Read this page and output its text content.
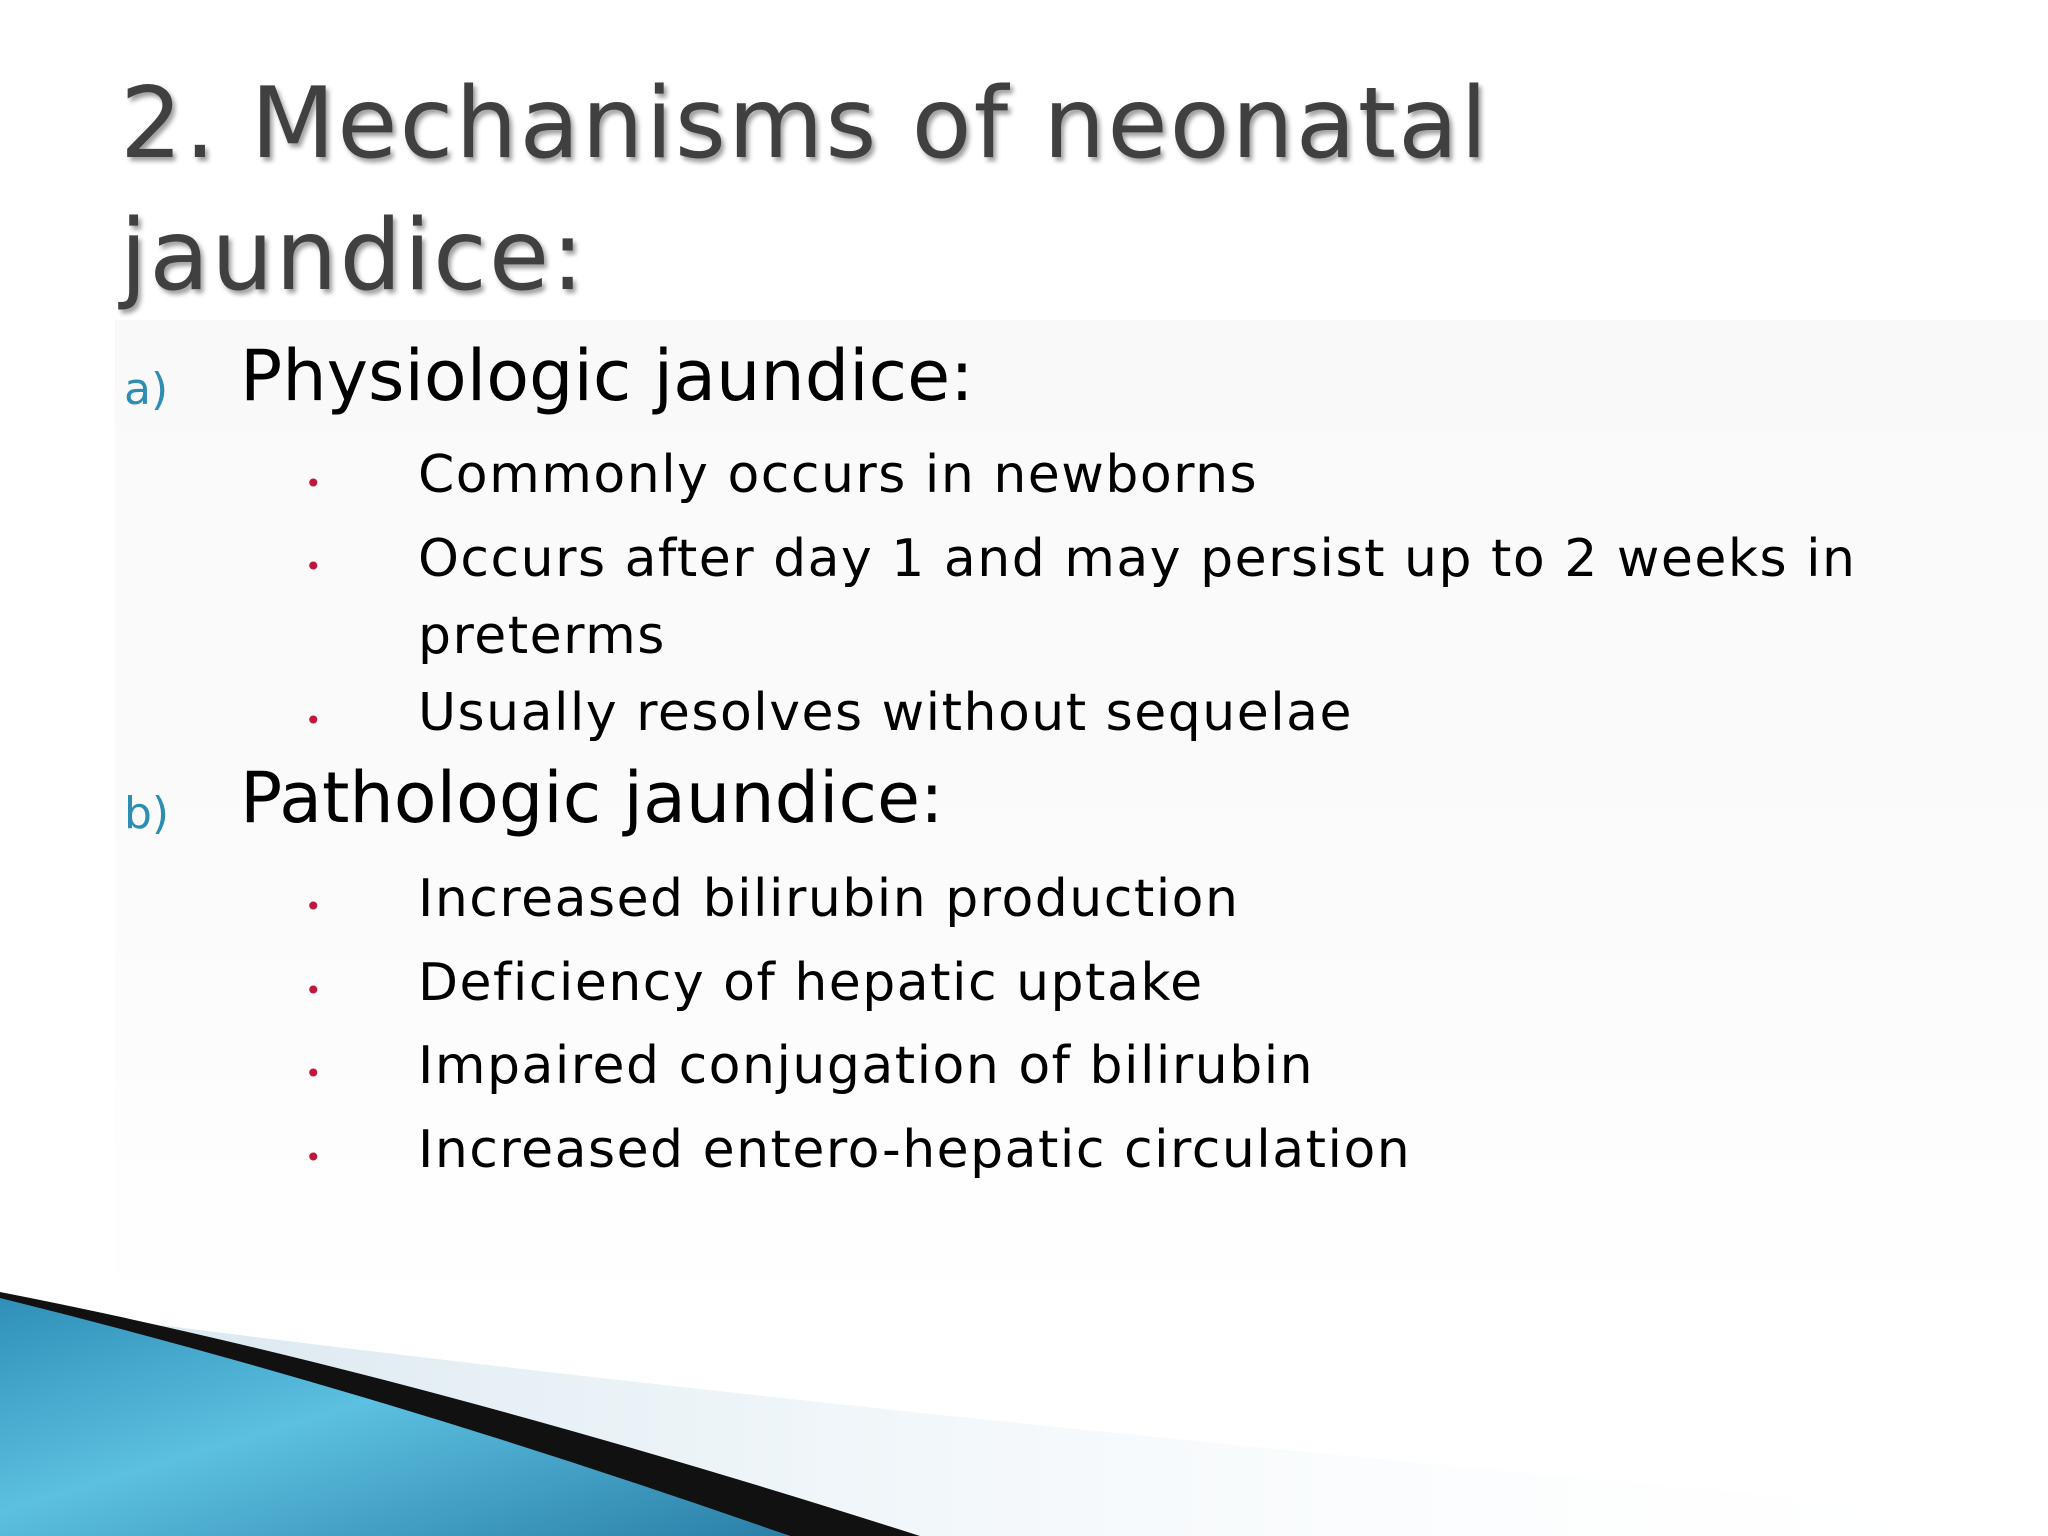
2. Mechanisms of neonatal
jaundice:
a) Physiologic jaundice:
• Commonly occurs in newborns
• Occurs after day 1 and may persist up to 2 weeks in preterms
• Usually resolves without sequelae
b) Pathologic jaundice:
• Increased bilirubin production
• Deficiency of hepatic uptake
• Impaired conjugation of bilirubin
• Increased entero-hepatic circulation
